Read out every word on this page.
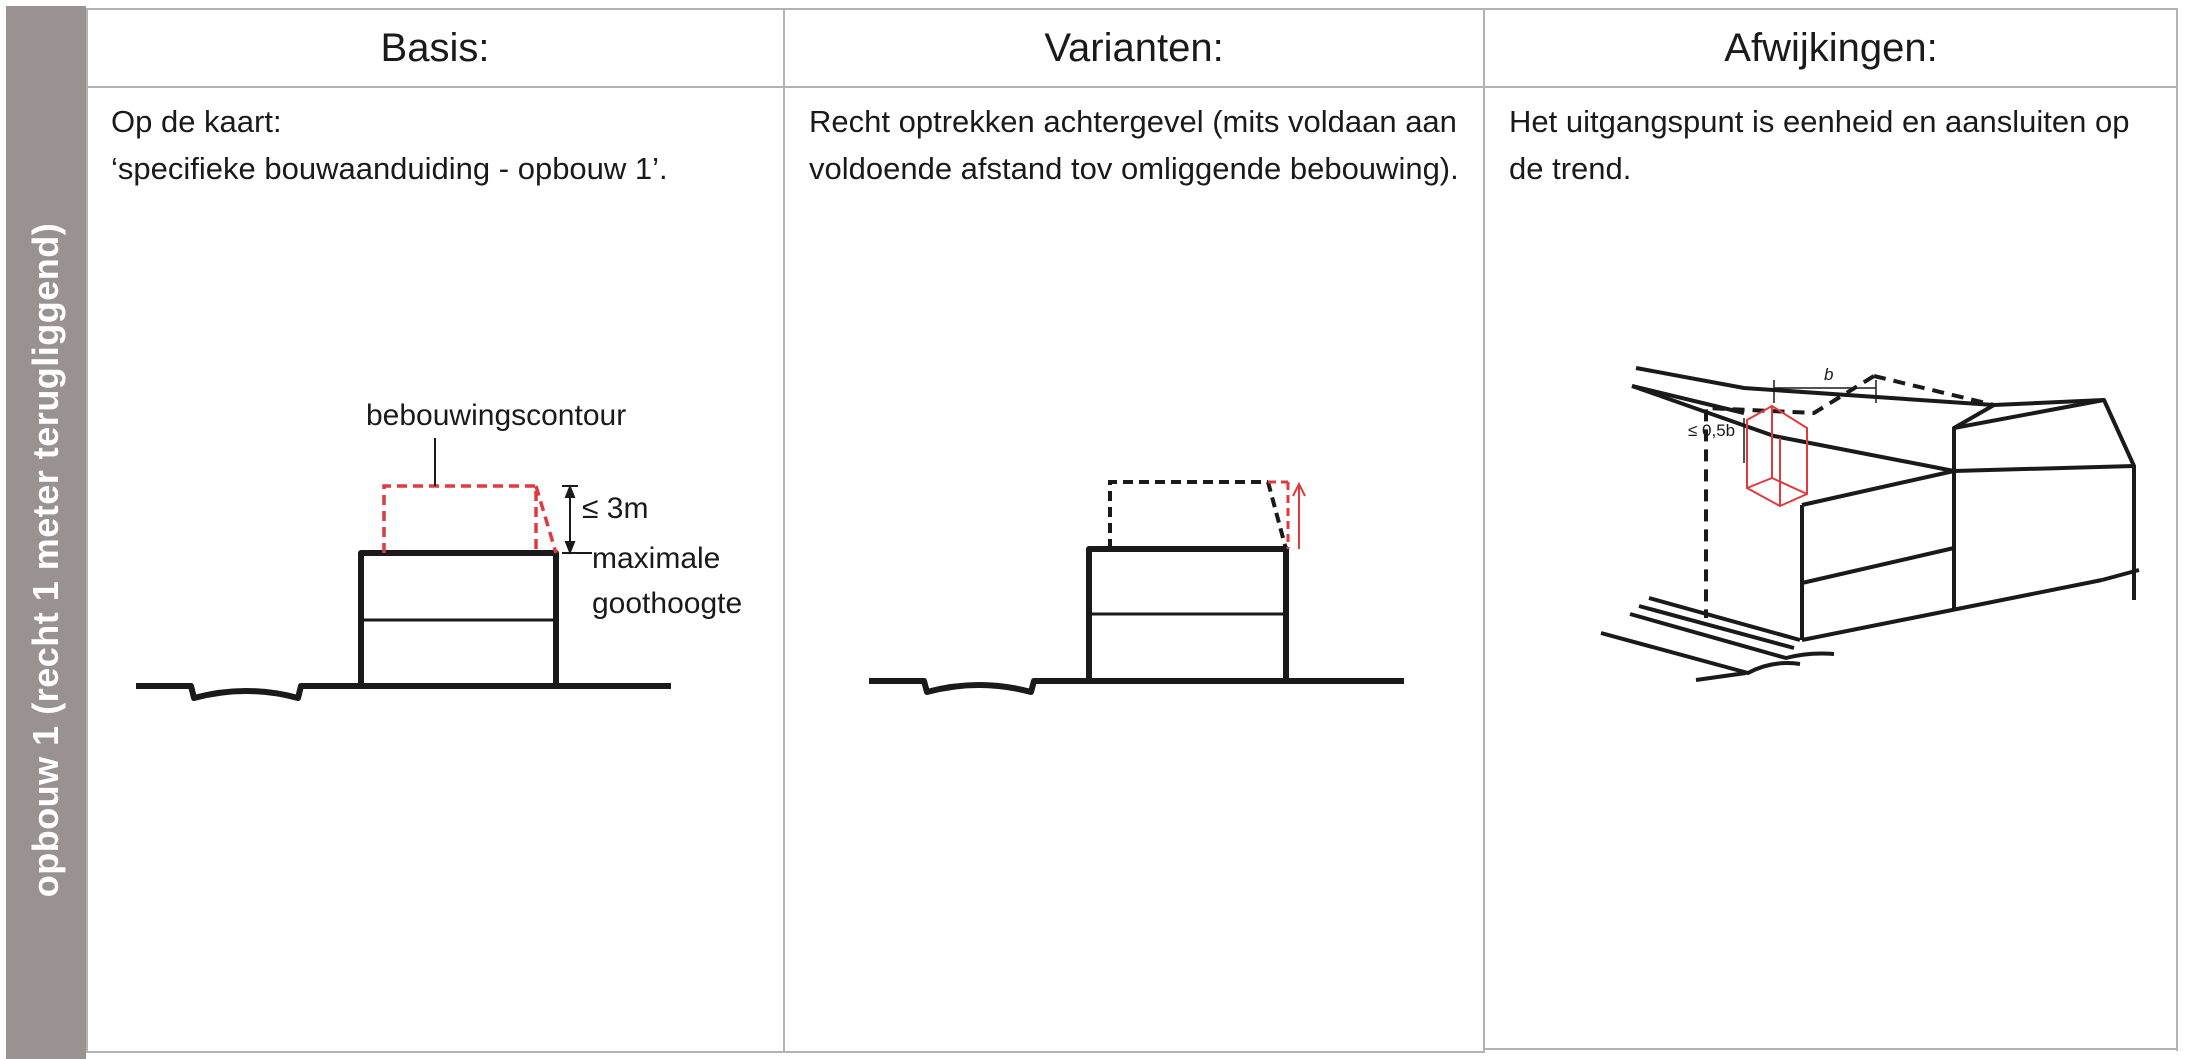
opbouw 1 (recht 1 meter terugliggend)
Basis:

Op de kaart:

‘specifieke bouwaanduiding - opbouw 1’.

bebouwingscontour
≤ 3m
maximale
goothoogte
Varianten:

Recht optrekken achtergevel (mits voldaan aan

voldoende afstand tov omliggende bebouwing).

Afwijkingen:

Het uitgangspunt is eenheid en aansluiten op

de trend.

b
≤ 0,5b
